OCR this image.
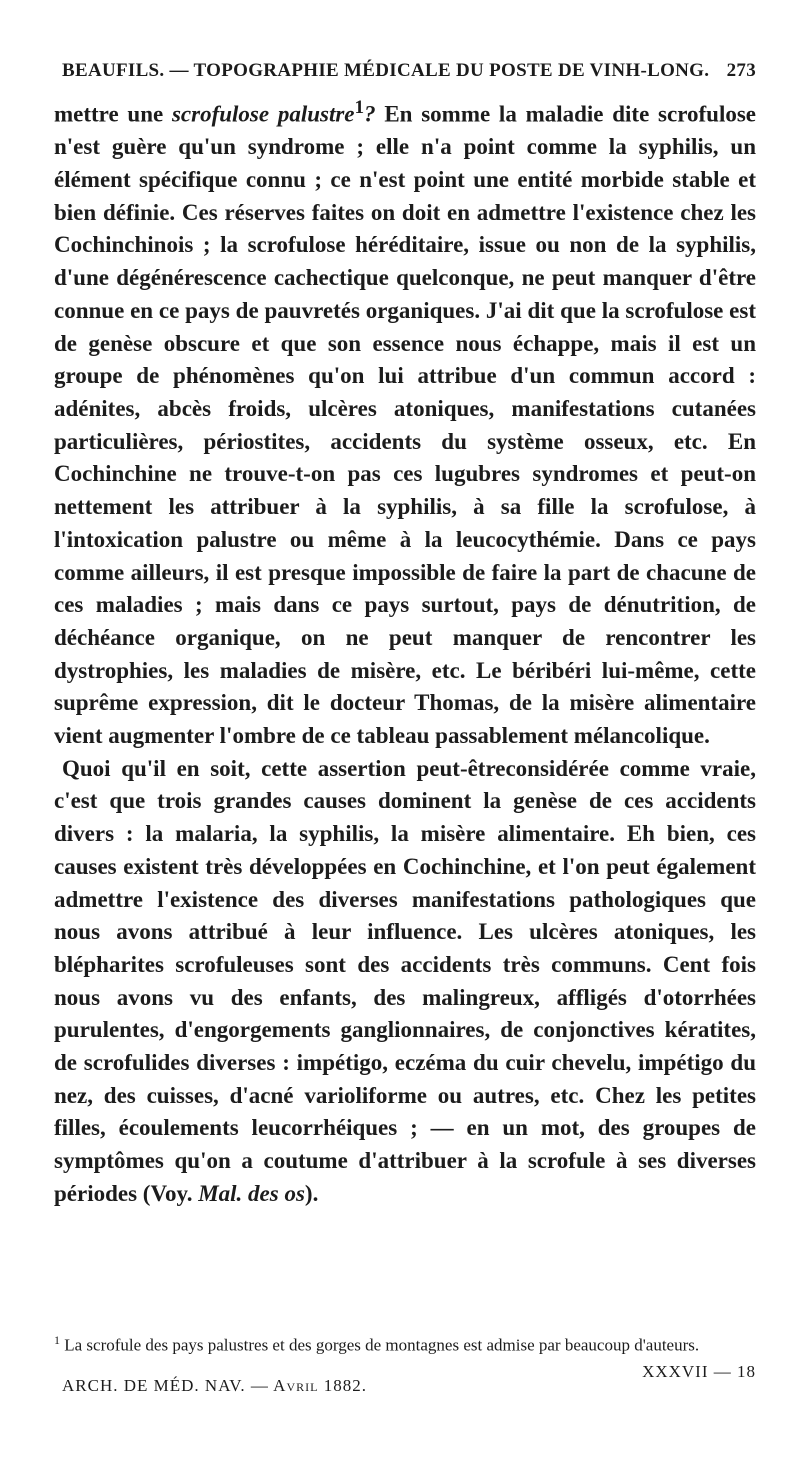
BEAUFILS. — TOPOGRAPHIE MÉDICALE DU POSTE DE VINH-LONG. 273

mettre une scrofulose palustre$^1$? En somme la maladie dite scrofulose n'est guère qu'un syndrome ; elle n'a point comme la syphilis, un élément spécifique connu ; ce n'est point une entité morbide stable et bien définie. Ces réserves faites on doit en admettre l'existence chez les Cochinchinois ; la scrofulose héréditaire, issue ou non de la syphilis, d'une dégénérescence cachectique quelconque, ne peut manquer d'être connue en ce pays de pauvretés organiques. J'ai dit que la scrofulose est de genèse obscure et que son essence nous échappe, mais il est un groupe de phénomènes qu'on lui attribue d'un commun accord : adénites, abcès froids, ulcères atoniques, manifestations cutanées particulières, périostites, accidents du système osseux, etc. En Cochinchine ne trouve-t-on pas ces lugubres syndromes et peut-on nettement les attribuer à la syphilis, à sa fille la scrofulose, à l'intoxication palustre ou même à la leucocythémie. Dans ce pays comme ailleurs, il est presque impossible de faire la part de chacune de ces maladies ; mais dans ce pays surtout, pays de dénutrition, de déchéance organique, on ne peut manquer de rencontrer les dystrophies, les maladies de misère, etc. Le béribéri lui-même, cette suprême expression, dit le docteur Thomas, de la misère alimentaire vient augmenter l'ombre de ce tableau passablement mélancolique.

Quoi qu'il en soit, cette assertion peut-êtreconsidérée comme vraie, c'est que trois grandes causes dominent la genèse de ces accidents divers : la malaria, la syphilis, la misère alimentaire. Eh bien, ces causes existent très développées en Cochinchine, et l'on peut également admettre l'existence des diverses manifestations pathologiques que nous avons attribué à leur influence. Les ulcères atoniques, les blépharites scrofuleuses sont des accidents très communs. Cent fois nous avons vu des enfants, des malingreux, affligés d'otorrhées purulentes, d'engorgements ganglionnaires, de conjonctives kératites, de scrofulides diverses : impétigo, eczéma du cuir chevelu, impétigo du nez, des cuisses, d'acné varioliforme ou autres, etc. Chez les petites filles, écoulements leucorrhéiques ; — en un mot, des groupes de symptômes qu'on a coutume d'attribuer à la scrofule à ses diverses périodes (Voy. Mal. des os).

$^1$ La scrofule des pays palustres et des gorges de montagnes est admise par beaucoup d'auteurs.
ARCH. DE MÉD. NAV. — Avril 1882.
XXXVII — 18
